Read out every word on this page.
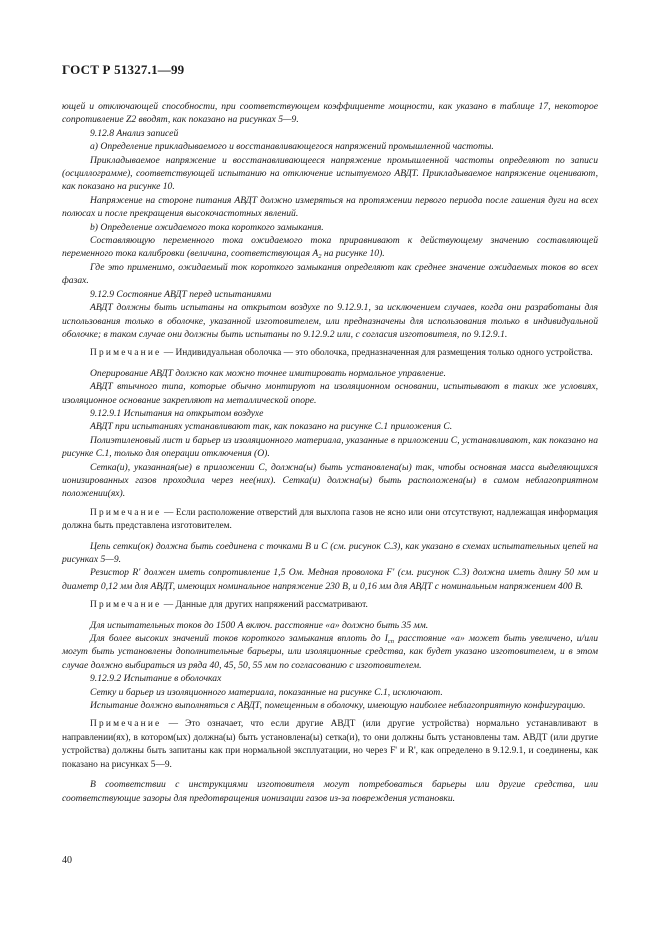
ГОСТ Р 51327.1—99

ющей и отключающей способности, при соответствующем коэффициенте мощности, как указано в таблице 17, некоторое сопротивление Z2 вводят, как показано на рисунках 5—9.

9.12.8 Анализ записей

a) Определение прикладываемого и восстанавливающегося напряжений промышленной частоты.

Прикладываемое напряжение и восстанавливающееся напряжение промышленной частоты определяют по записи (осциллограмме), соответствующей испытанию на отключение испытуемого АВДТ. Прикладываемое напряжение оценивают, как показано на рисунке 10.

Напряжение на стороне питания АВДТ должно измеряться на протяжении первого периода после гашения дуги на всех полюсах и после прекращения высокочастотных явлений.

b) Определение ожидаемого тока короткого замыкания.

Составляющую переменного тока ожидаемого тока приравнивают к действующему значению составляющей переменного тока калибровки (величина, соответствующая $A_2$ на рисунке 10).

Где это применимо, ожидаемый ток короткого замыкания определяют как среднее значение ожидаемых токов во всех фазах.

9.12.9 Состояние АВДТ перед испытаниями

АВДТ должны быть испытаны на открытом воздухе по 9.12.9.1, за исключением случаев, когда они разработаны для использования только в оболочке, указанной изготовителем, или предназначены для использования только в индивидуальной оболочке; в таком случае они должны быть испытаны по 9.12.9.2 или, с согласия изготовителя, по 9.12.9.1.

Примечание — Индивидуальная оболочка — это оболочка, предназначенная для размещения только одного устройства.

Оперирование АВДТ должно как можно точнее имитировать нормальное управление.

АВДТ втычного типа, которые обычно монтируют на изоляционном основании, испытывают в таких же условиях, изоляционное основание закрепляют на металлической опоре.

9.12.9.1 Испытания на открытом воздухе

АВДТ при испытаниях устанавливают так, как показано на рисунке С.1 приложения С.

Полиэтиленовый лист и барьер из изоляционного материала, указанные в приложении С, устанавливают, как показано на рисунке С.1, только для операции отключения (О).

Сетка(и), указанная(ые) в приложении С, должна(ы) быть установлена(ы) так, чтобы основная масса выделяющихся ионизированных газов проходила через нее(них). Сетка(и) должна(ы) быть расположена(ы) в самом неблагоприятном положении(ях).

Примечание — Если расположение отверстий для выхлопа газов не ясно или они отсутствуют, надлежащая информация должна быть представлена изготовителем.

Цепь сетки(ок) должна быть соединена с точками В и С (см. рисунок С.3), как указано в схемах испытательных цепей на рисунках 5—9.

Резистор R' должен иметь сопротивление 1,5 Ом. Медная проволока F' (см. рисунок С.3) должна иметь длину 50 мм и диаметр 0,12 мм для АВДТ, имеющих номинальное напряжение 230 В, и 0,16 мм для АВДТ с номинальным напряжением 400 В.

Примечание — Данные для других напряжений рассматривают.

Для испытательных токов до 1500 А включ. расстояние «а» должно быть 35 мм.

Для более высоких значений токов короткого замыкания вплоть до $I_{cn}$ расстояние «а» может быть увеличено, и/или могут быть установлены дополнительные барьеры, или изоляционные средства, как будет указано изготовителем, и в этом случае должно выбираться из ряда 40, 45, 50, 55 мм по согласованию с изготовителем.

9.12.9.2 Испытание в оболочках

Сетку и барьер из изоляционного материала, показанные на рисунке С.1, исключают.

Испытание должно выполняться с АВДТ, помещенным в оболочку, имеющую наиболее неблагоприятную конфигурацию.

Примечание — Это означает, что если другие АВДТ (или другие устройства) нормально устанавливают в направлении(ях), в котором(ых) должна(ы) быть установлена(ы) сетка(и), то они должны быть установлены там. АВДТ (или другие устройства) должны быть запитаны как при нормальной эксплуатации, но через F' и R', как определено в 9.12.9.1, и соединены, как показано на рисунках 5—9.

В соответствии с инструкциями изготовителя могут потребоваться барьеры или другие средства, или соответствующие зазоры для предотвращения ионизации газов из-за повреждения установки.

40
